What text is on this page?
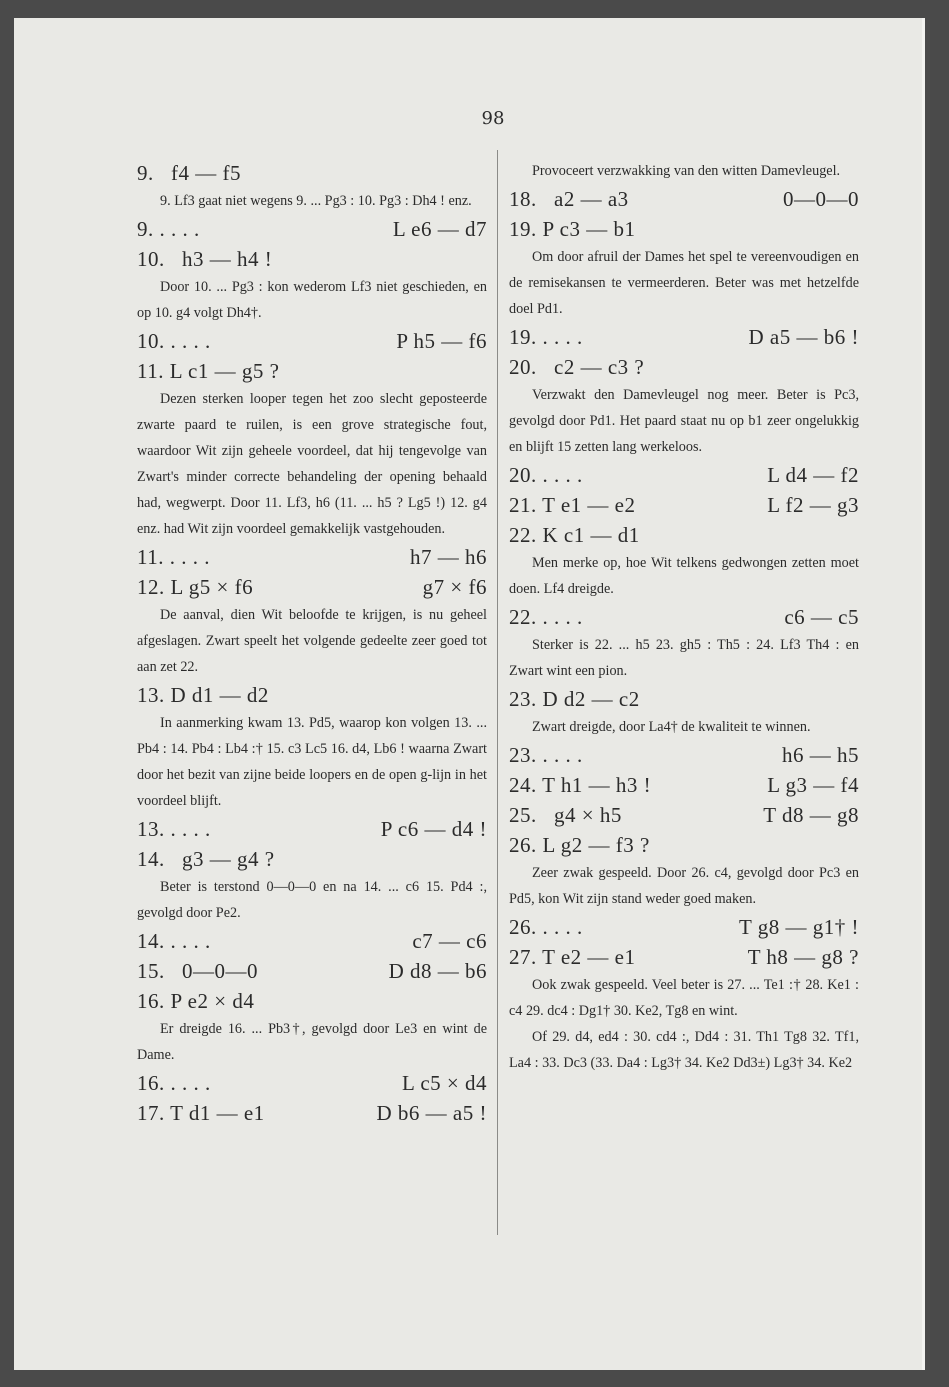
98
9.   f4 — f5

9. Lf3 gaat niet wegens 9. ... Pg3 : 10. Pg3 : Dh4 ! enz.

9. . . . .	L e6 — d7
10.   h3 — h4 !

Door 10. ... Pg3 : kon wederom Lf3 niet geschieden, en op 10. g4 volgt Dh4†.

10. . . . .	P h5 — f6
11. L c1 — g5 ?

Dezen sterken looper tegen het zoo slecht geposteerde zwarte paard te ruilen, is een grove strategische fout, waardoor Wit zijn geheele voordeel, dat hij tengevolge van Zwart's minder correcte behandeling der opening behaald had, wegwerpt. Door 11. Lf3, h6 (11. ... h5 ? Lg5 !) 12. g4 enz. had Wit zijn voordeel gemakkelijk vastgehouden.

11. . . . .	h7 — h6
12. L g5 × f6	g7 × f6

De aanval, dien Wit beloofde te krijgen, is nu geheel afgeslagen. Zwart speelt het volgende gedeelte zeer goed tot aan zet 22.

13. D d1 — d2

In aanmerking kwam 13. Pd5, waarop kon volgen 13. ... Pb4 : 14. Pb4 : Lb4 :† 15. c3 Lc5 16. d4, Lb6 ! waarna Zwart door het bezit van zijne beide loopers en de open g-lijn in het voordeel blijft.

13. . . . .	P c6 — d4 !
14.   g3 — g4 ?

Beter is terstond 0—0—0 en na 14. ... c6 15. Pd4 :, gevolgd door Pe2.

14. . . . .	c7 — c6
15.   0—0—0	D d8 — b6
16. P e2 × d4

Er dreigde 16. ... Pb3†, gevolgd door Le3 en wint de Dame.

16. . . . .	L c5 × d4
17. T d1 — e1	D b6 — a5 !

Provoceert verzwakking van den witten Damevleugel.

18.   a2 — a3	0—0—0
19. P c3 — b1

Om door afruil der Dames het spel te vereenvoudigen en de remisekansen te vermeerderen. Beter was met hetzelfde doel Pd1.

19. . . . .	D a5 — b6 !
20.   c2 — c3 ?

Verzwakt den Damevleugel nog meer. Beter is Pc3, gevolgd door Pd1. Het paard staat nu op b1 zeer ongelukkig en blijft 15 zetten lang werkeloos.

20. . . . .	L d4 — f2
21. T e1 — e2	L f2 — g3
22. K c1 — d1

Men merke op, hoe Wit telkens gedwongen zetten moet doen. Lf4 dreigde.

22. . . . .	c6 — c5

Sterker is 22. ... h5 23. gh5 : Th5 : 24. Lf3 Th4 : en Zwart wint een pion.

23. D d2 — c2

Zwart dreigde, door La4† de kwaliteit te winnen.

23. . . . .	h6 — h5
24. T h1 — h3 !	L g3 — f4
25.   g4 × h5	T d8 — g8
26. L g2 — f3 ?

Zeer zwak gespeeld. Door 26. c4, gevolgd door Pc3 en Pd5, kon Wit zijn stand weder goed maken.

26. . . . .	T g8 — g1† !
27. T e2 — e1	T h8 — g8 ?

Ook zwak gespeeld. Veel beter is 27. ... Te1 :† 28. Ke1 : c4 29. dc4 : Dg1† 30. Ke2, Tg8 en wint.

Of 29. d4, ed4 : 30. cd4 :, Dd4 : 31. Th1 Tg8 32. Tf1, La4 : 33. Dc3 (33. Da4 : Lg3† 34. Ke2 Dd3±) Lg3† 34. Ke2
